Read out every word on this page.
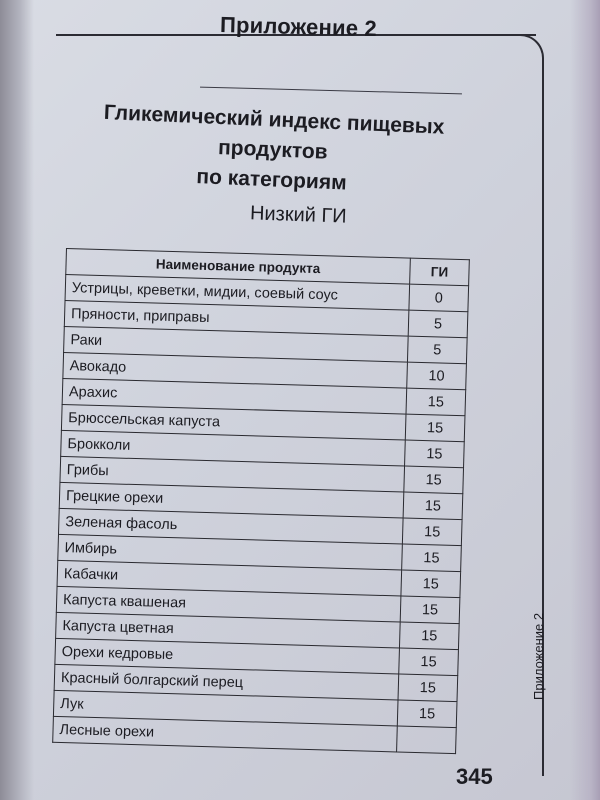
Приложение 2
Гликемический индекс пищевых продуктов
по категориям
Низкий ГИ
Наименование продукта	ГИ
Устрицы, креветки, мидии, соевый соус	0
Пряности, приправы	5
Раки	5
Авокадо	10
Арахис	15
Брюссельская капуста	15
Брокколи	15
Грибы	15
Грецкие орехи	15
Зеленая фасоль	15
Имбирь	15
Кабачки	15
Капуста квашеная	15
Капуста цветная	15
Орехи кедровые	15
Красный болгарский перец	15
Лук	15
Лесные орехи	
Приложение 2
345
